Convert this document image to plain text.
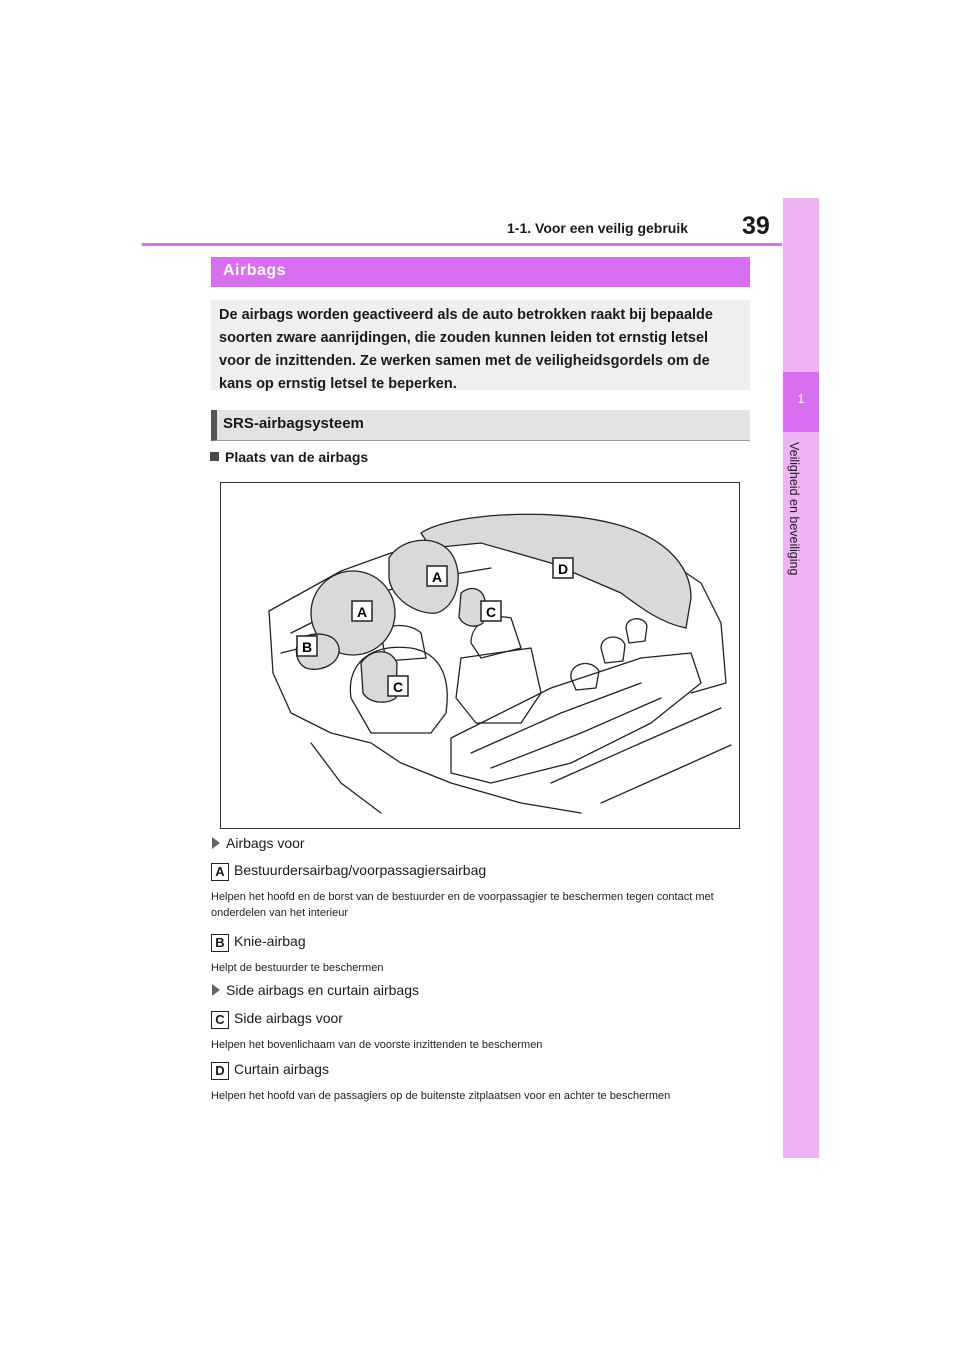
1-1. Voor een veilig gebruik 39
1
Veiligheid en beveiliging
Airbags

De airbags worden geactiveerd als de auto betrokken raakt bij bepaalde soorten zware aanrijdingen, die zouden kunnen leiden tot ernstig letsel voor de inzittenden. Ze werken samen met de veiligheidsgordels om de kans op ernstig letsel te beperken.

SRS-airbagsysteem
Plaats van de airbags
A
A
B
C
C
D
Airbags voor
A Bestuurdersairbag/voorpassagiersairbag
Helpen het hoofd en de borst van de bestuurder en de voorpassagier te beschermen tegen contact met onderdelen van het interieur
B Knie-airbag
Helpt de bestuurder te beschermen
Side airbags en curtain airbags
C Side airbags voor
Helpen het bovenlichaam van de voorste inzittenden te beschermen
D Curtain airbags
Helpen het hoofd van de passagiers op de buitenste zitplaatsen voor en achter te beschermen
